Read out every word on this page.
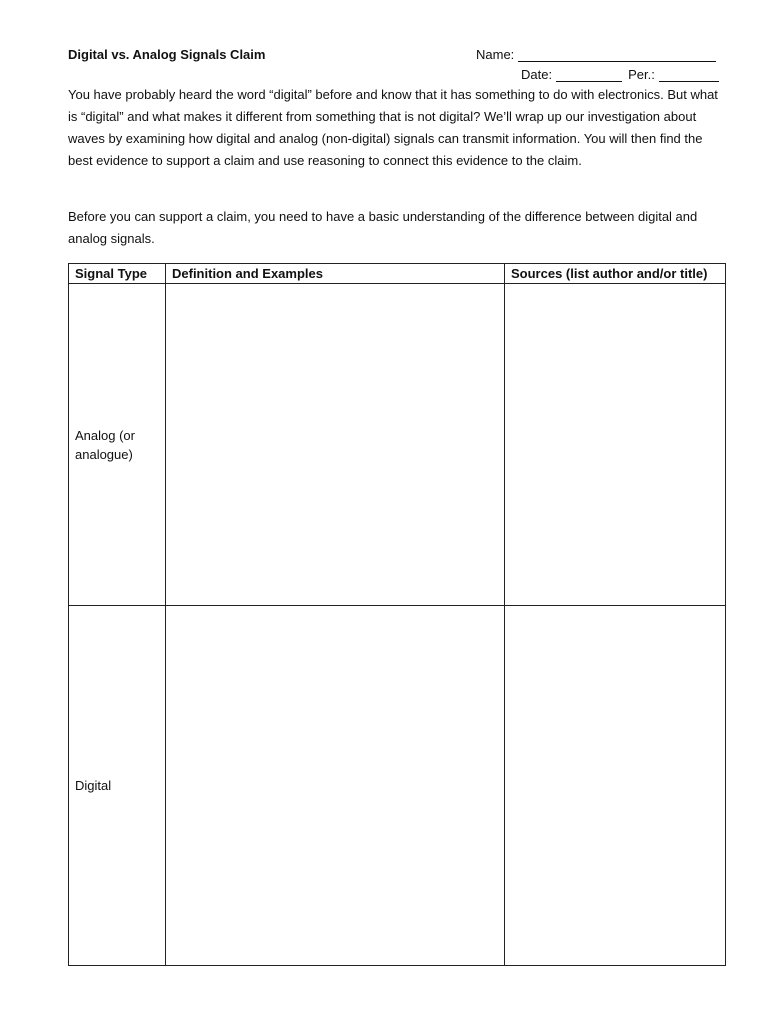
Digital vs. Analog Signals Claim	Name:
Date:	Per.:
You have probably heard the word “digital” before and know that it has something to do with electronics. But what is “digital” and what makes it different from something that is not digital? We’ll wrap up our investigation about waves by examining how digital and analog (non-digital) signals can transmit information. You will then find the best evidence to support a claim and use reasoning to connect this evidence to the claim.
Before you can support a claim, you need to have a basic understanding of the difference between digital and analog signals.
Signal Type	Definition and Examples	Sources (list author and/or title)
Analog (or analogue)		
Digital		
